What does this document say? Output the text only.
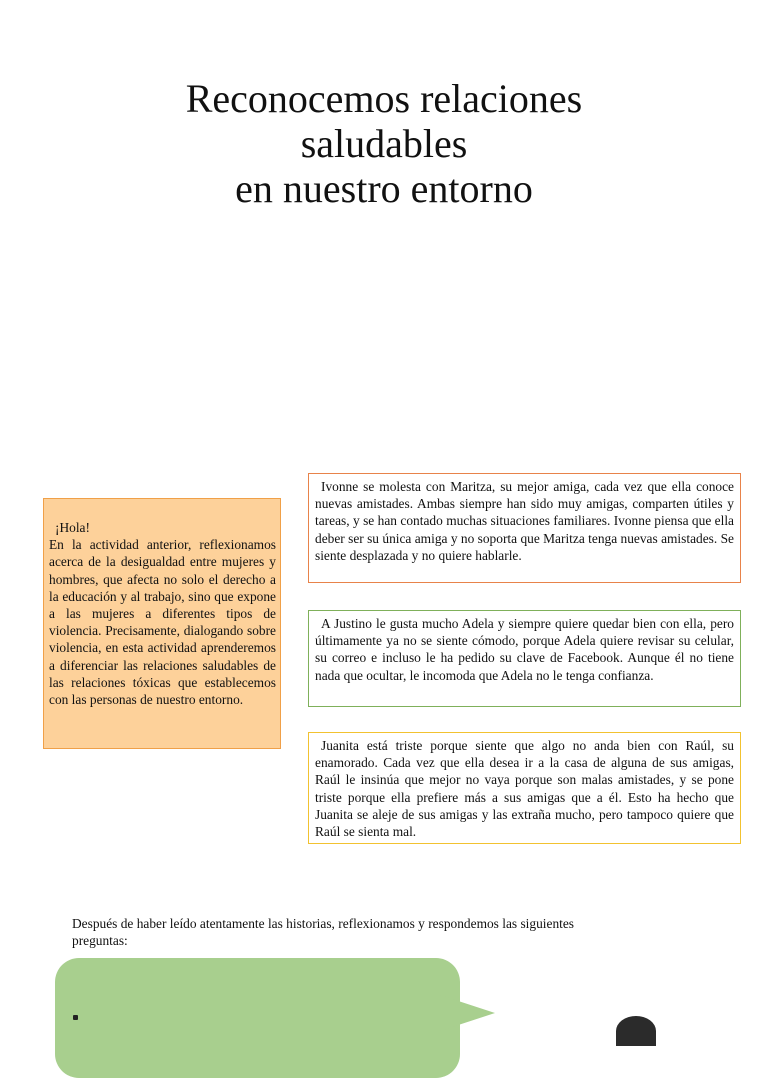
Reconocemos relaciones
saludables
en nuestro entorno
¡Hola!
En la actividad anterior, reflexionamos acerca de la desigualdad entre mujeres y hombres, que afecta no solo el derecho a la educación y al trabajo, sino que expone a las mujeres a diferentes tipos de violencia. Precisamente, dialogando sobre violencia, en esta actividad aprenderemos a diferenciar las relaciones saludables de las relaciones tóxicas que establecemos con las personas de nuestro entorno.
Ivonne se molesta con Maritza, su mejor amiga, cada vez que ella conoce nuevas amistades. Ambas siempre han sido muy amigas, comparten útiles y tareas, y se han contado muchas situaciones familiares. Ivonne piensa que ella deber ser su única amiga y no soporta que Maritza tenga nuevas amistades. Se siente desplazada y no quiere hablarle.
A Justino le gusta mucho Adela y siempre quiere quedar bien con ella, pero últimamente ya no se siente cómodo, porque Adela quiere revisar su celular, su correo e incluso le ha pedido su clave de Facebook. Aunque él no tiene nada que ocultar, le incomoda que Adela no le tenga confianza.
Juanita está triste porque siente que algo no anda bien con Raúl, su enamorado. Cada vez que ella desea ir a la casa de alguna de sus amigas, Raúl le insinúa que mejor no vaya porque son malas amistades, y se pone triste porque ella prefiere más a sus amigas que a él. Esto ha hecho que Juanita se aleje de sus amigas y las extraña mucho, pero tampoco quiere que Raúl se sienta mal.
Después de haber leído atentamente las historias, reflexionamos y respondemos las siguientes preguntas:
